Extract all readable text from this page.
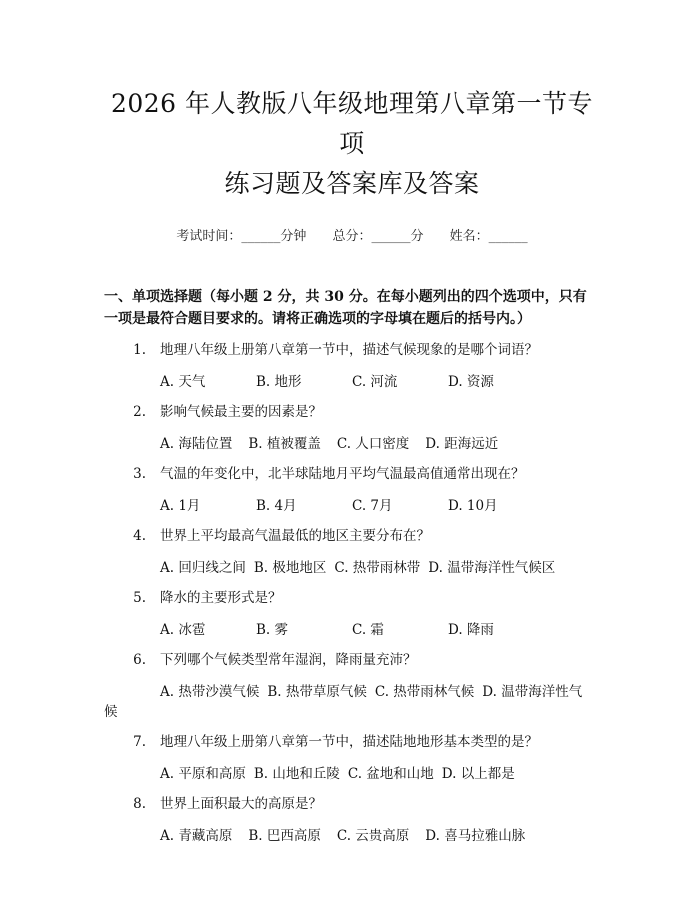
2026 年人教版八年级地理第八章第一节专项
练习题及答案库及答案
考试时间：______分钟 总分：______分 姓名：______
一、单项选择题（每小题 2 分，共 30 分。在每小题列出的四个选项中，只有一项是最符合题目要求的。请将正确选项的字母填在题后的括号内。）
1.	地理八年级上册第八章第一节中，描述气候现象的是哪个词语？
A. 天气	B. 地形	C. 河流	D. 资源
2.	影响气候最主要的因素是？
A. 海陆位置 B. 植被覆盖 C. 人口密度 D. 距海远近
3.	气温的年变化中，北半球陆地月平均气温最高值通常出现在？
A. 1月	B. 4月	C. 7月	D. 10月
4.	世界上平均最高气温最低的地区主要分布在？
A. 回归线之间 B. 极地地区 C. 热带雨林带 D. 温带海洋性气候区
5.	降水的主要形式是？
A. 冰雹	B. 雾	C. 霜	D. 降雨
6.	下列哪个气候类型常年湿润，降雨量充沛？
A. 热带沙漠气候 B. 热带草原气候 C. 热带雨林气候 D. 温带海洋性气
候
7.	地理八年级上册第八章第一节中，描述陆地地形基本类型的是？
A. 平原和高原 B. 山地和丘陵 C. 盆地和山地 D. 以上都是
8.	世界上面积最大的高原是？
A. 青藏高原 B. 巴西高原 C. 云贵高原 D. 喜马拉雅山脉
